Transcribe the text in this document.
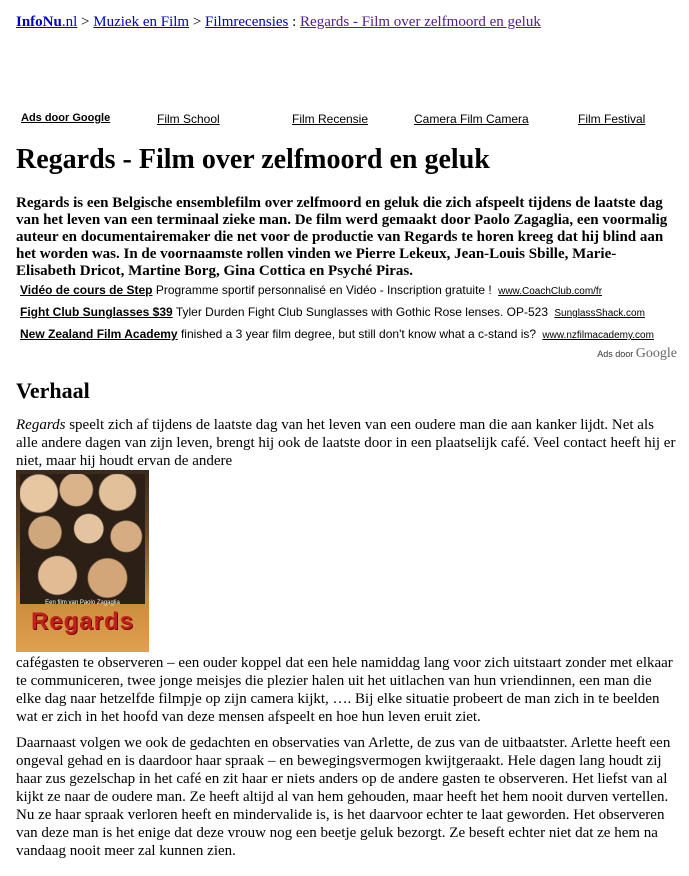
InfoNu.nl > Muziek en Film > Filmrecensies : Regards - Film over zelfmoord en geluk
Ads door Google	Film School	Film Recensie	Camera Film Camera	Film Festival
Regards - Film over zelfmoord en geluk

Regards is een Belgische ensemblefilm over zelfmoord en geluk die zich afspeelt tijdens de laatste dag van het leven van een terminaal zieke man. De film werd gemaakt door Paolo Zagaglia, een voormalig auteur en documentairemaker die net voor de productie van Regards te horen kreeg dat hij blind aan het worden was. In de voornaamste rollen vinden we Pierre Lekeux, Jean-Louis Sbille, Marie-Elisabeth Dricot, Martine Borg, Gina Cottica en Psyché Piras.

Vidéo de cours de Step Programme sportif personnalisé en Vidéo - Inscription gratuite ! www.CoachClub.com/fr
Fight Club Sunglasses $39 Tyler Durden Fight Club Sunglasses with Gothic Rose lenses. OP-523 SunglassShack.com
New Zealand Film Academy finished a 3 year film degree, but still don't know what a c-stand is? www.nzfilmacademy.com
Ads door Google
Verhaal

Regards speelt zich af tijdens de laatste dag van het leven van een oudere man die aan kanker lijdt. Net als alle andere dagen van zijn leven, brengt hij ook de laatste door in een plaatselijk café. Veel contact heeft hij er niet, maar hij houdt ervan de andere

Een film van Paolo Zagaglia
Regards

cafégasten te observeren – een ouder koppel dat een hele namiddag lang voor zich uitstaart zonder met elkaar te communiceren, twee jonge meisjes die plezier halen uit het uitlachen van hun vriendinnen, een man die elke dag naar hetzelfde filmpje op zijn camera kijkt, …. Bij elke situatie probeert de man zich in te beelden wat er zich in het hoofd van deze mensen afspeelt en hoe hun leven eruit ziet.

Daarnaast volgen we ook de gedachten en observaties van Arlette, de zus van de uitbaatster. Arlette heeft een ongeval gehad en is daardoor haar spraak – en bewegingsvermogen kwijtgeraakt. Hele dagen lang houdt zij haar zus gezelschap in het café en zit haar er niets anders op de andere gasten te observeren. Het liefst van al kijkt ze naar de oudere man. Ze heeft altijd al van hem gehouden, maar heeft het hem nooit durven vertellen. Nu ze haar spraak verloren heeft en mindervalide is, is het daarvoor echter te laat geworden. Het observeren van deze man is het enige dat deze vrouw nog een beetje geluk bezorgt. Ze beseft echter niet dat ze hem na vandaag nooit meer zal kunnen zien.
